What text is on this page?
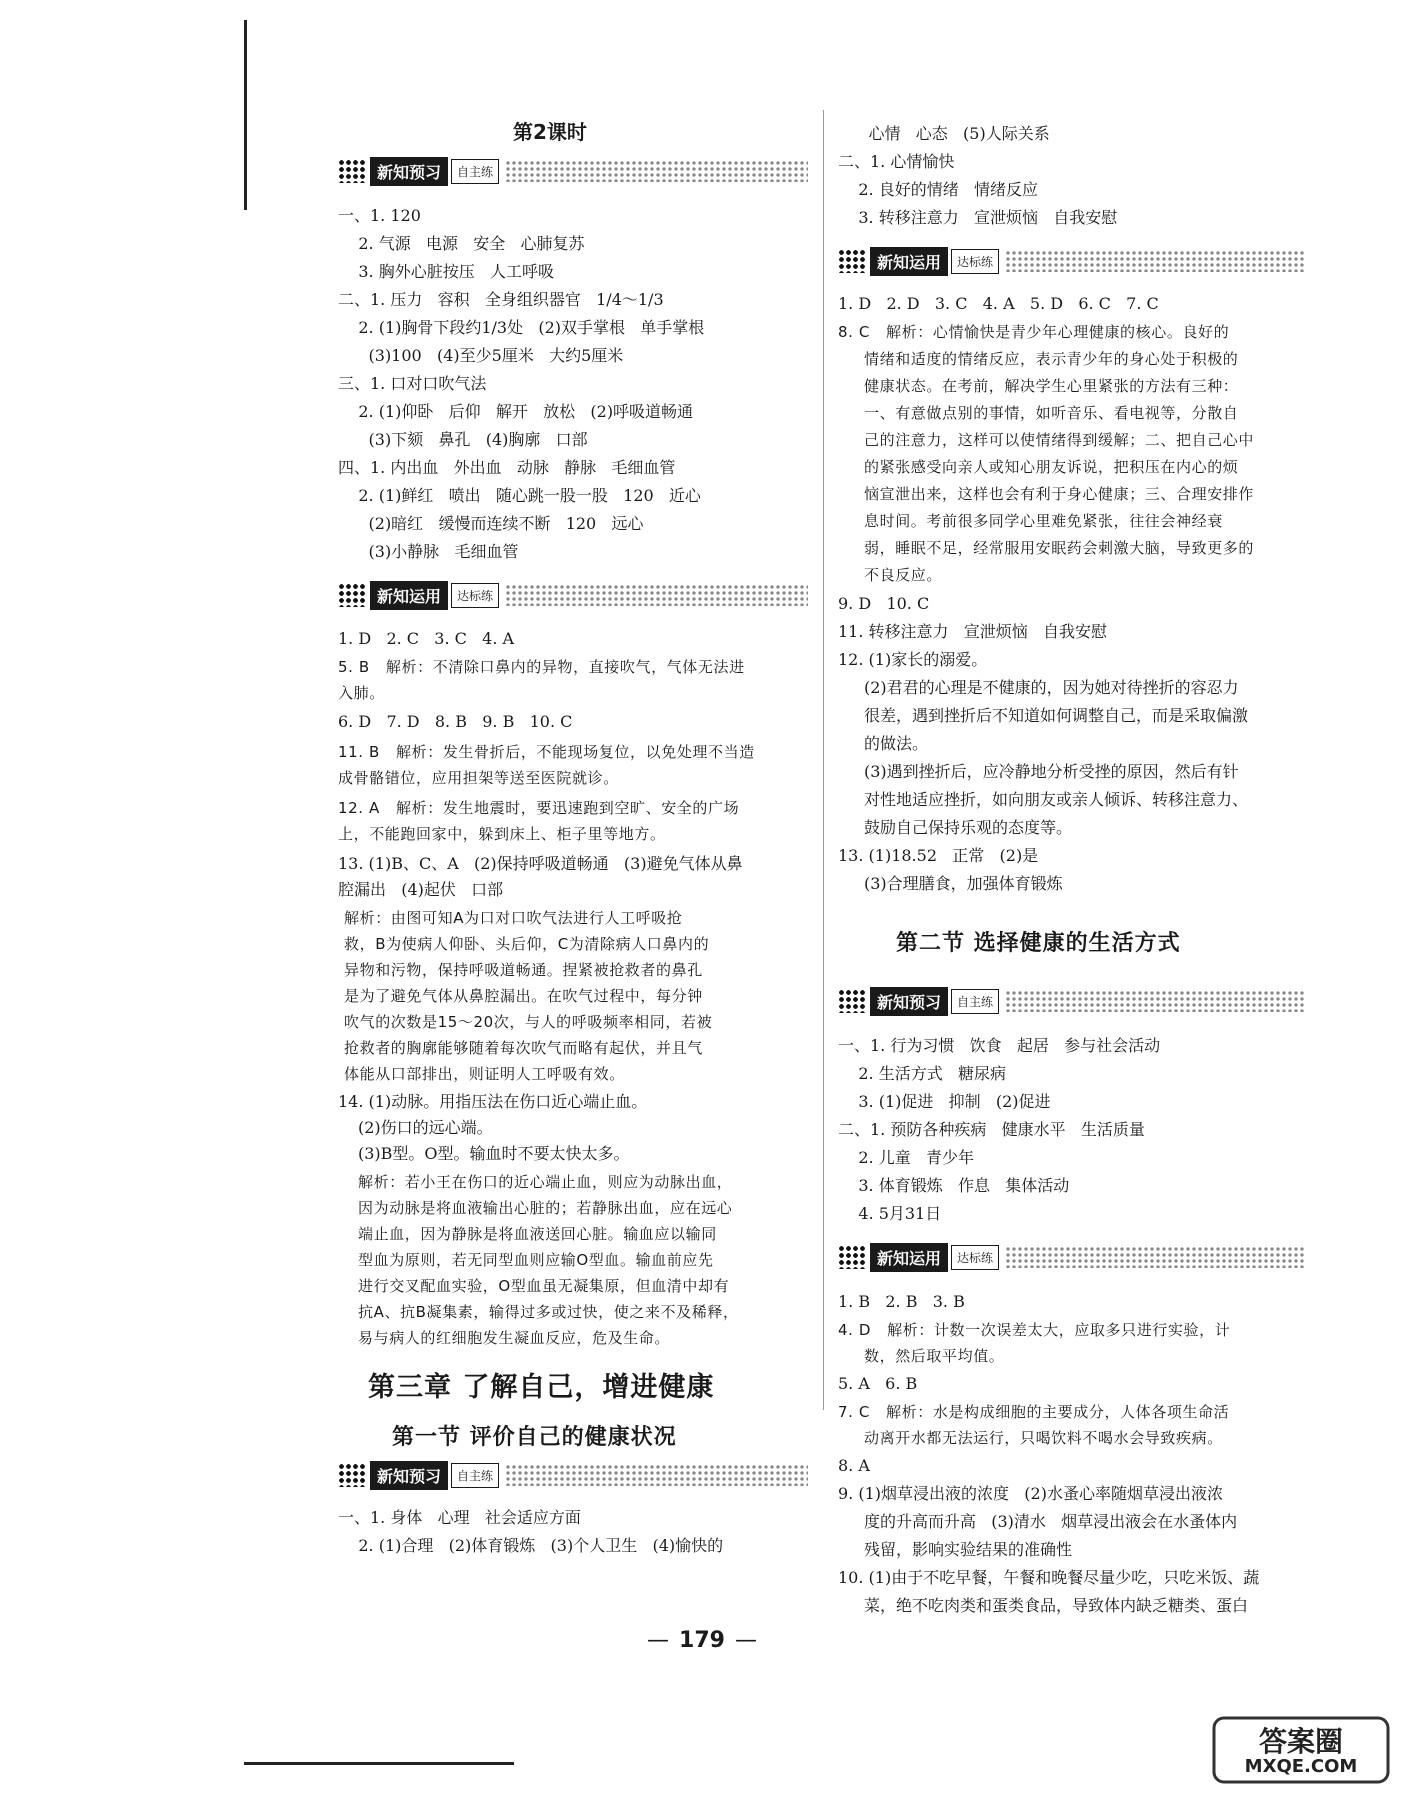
第2课时
新知预习	自主练
一、1. 120
2. 气源   电源   安全   心肺复苏
3. 胸外心脏按压   人工呼吸
二、1. 压力   容积   全身组织器官   1/4～1/3
2. (1)胸骨下段约1/3处   (2)双手掌根   单手掌根
(3)100   (4)至少5厘米   大约5厘米
三、1. 口对口吹气法
2. (1)仰卧   后仰   解开   放松   (2)呼吸道畅通
(3)下颏   鼻孔   (4)胸廓   口部
四、1. 内出血   外出血   动脉   静脉   毛细血管
2. (1)鲜红   喷出   随心跳一股一股   120   近心
(2)暗红   缓慢而连续不断   120   远心
(3)小静脉   毛细血管
新知运用	达标练
1. D   2. C   3. C   4. A
5. B   解析：不清除口鼻内的异物，直接吹气，气体无法进
入肺。
6. D   7. D   8. B   9. B   10. C
11. B   解析：发生骨折后，不能现场复位，以免处理不当造
成骨骼错位，应用担架等送至医院就诊。
12. A   解析：发生地震时，要迅速跑到空旷、安全的广场
上，不能跑回家中，躲到床上、柜子里等地方。
13. (1)B、C、A   (2)保持呼吸道畅通   (3)避免气体从鼻
腔漏出   (4)起伏   口部
解析：由图可知A为口对口吹气法进行人工呼吸抢
救，B为使病人仰卧、头后仰，C为清除病人口鼻内的
异物和污物，保持呼吸道畅通。捏紧被抢救者的鼻孔
是为了避免气体从鼻腔漏出。在吹气过程中，每分钟
吹气的次数是15～20次，与人的呼吸频率相同，若被
抢救者的胸廓能够随着每次吹气而略有起伏，并且气
体能从口部排出，则证明人工呼吸有效。
14. (1)动脉。用指压法在伤口近心端止血。
(2)伤口的远心端。
(3)B型。O型。输血时不要太快太多。
解析：若小王在伤口的近心端止血，则应为动脉出血，
因为动脉是将血液输出心脏的；若静脉出血，应在远心
端止血，因为静脉是将血液送回心脏。输血应以输同
型血为原则，若无同型血则应输O型血。输血前应先
进行交叉配血实验，O型血虽无凝集原，但血清中却有
抗A、抗B凝集素，输得过多或过快，使之来不及稀释，
易与病人的红细胞发生凝血反应，危及生命。
第三章 了解自己，增进健康
第一节 评价自己的健康状况
新知预习	自主练
一、1. 身体   心理   社会适应方面
2. (1)合理   (2)体育锻炼   (3)个人卫生   (4)愉快的
心情   心态   (5)人际关系
二、1. 心情愉快
2. 良好的情绪   情绪反应
3. 转移注意力   宣泄烦恼   自我安慰
新知运用	达标练
1. D   2. D   3. C   4. A   5. D   6. C   7. C
8. C   解析：心情愉快是青少年心理健康的核心。良好的
情绪和适度的情绪反应，表示青少年的身心处于积极的
健康状态。在考前，解决学生心里紧张的方法有三种：
一、有意做点别的事情，如听音乐、看电视等，分散自
己的注意力，这样可以使情绪得到缓解；二、把自己心中
的紧张感受向亲人或知心朋友诉说，把积压在内心的烦
恼宣泄出来，这样也会有利于身心健康；三、合理安排作
息时间。考前很多同学心里难免紧张，往往会神经衰
弱，睡眠不足，经常服用安眠药会刺激大脑，导致更多的
不良反应。
9. D   10. C
11. 转移注意力   宣泄烦恼   自我安慰
12. (1)家长的溺爱。
(2)君君的心理是不健康的，因为她对待挫折的容忍力
很差，遇到挫折后不知道如何调整自己，而是采取偏激
的做法。
(3)遇到挫折后，应冷静地分析受挫的原因，然后有针
对性地适应挫折，如向朋友或亲人倾诉、转移注意力、
鼓励自己保持乐观的态度等。
13. (1)18.52   正常   (2)是
(3)合理膳食，加强体育锻炼
第二节 选择健康的生活方式
新知预习	自主练
一、1. 行为习惯   饮食   起居   参与社会活动
2. 生活方式   糖尿病
3. (1)促进   抑制   (2)促进
二、1. 预防各种疾病   健康水平   生活质量
2. 儿童   青少年
3. 体育锻炼   作息   集体活动
4. 5月31日
新知运用	达标练
1. B   2. B   3. B
4. D   解析：计数一次误差太大，应取多只进行实验，计
数，然后取平均值。
5. A   6. B
7. C   解析：水是构成细胞的主要成分，人体各项生命活
动离开水都无法运行，只喝饮料不喝水会导致疾病。
8. A
9. (1)烟草浸出液的浓度   (2)水蚤心率随烟草浸出液浓
度的升高而升高   (3)清水   烟草浸出液会在水蚤体内
残留，影响实验结果的准确性
10. (1)由于不吃早餐，午餐和晚餐尽量少吃，只吃米饭、蔬
菜，绝不吃肉类和蛋类食品，导致体内缺乏糖类、蛋白
— 179 —
答案圈
MXQE.COM
